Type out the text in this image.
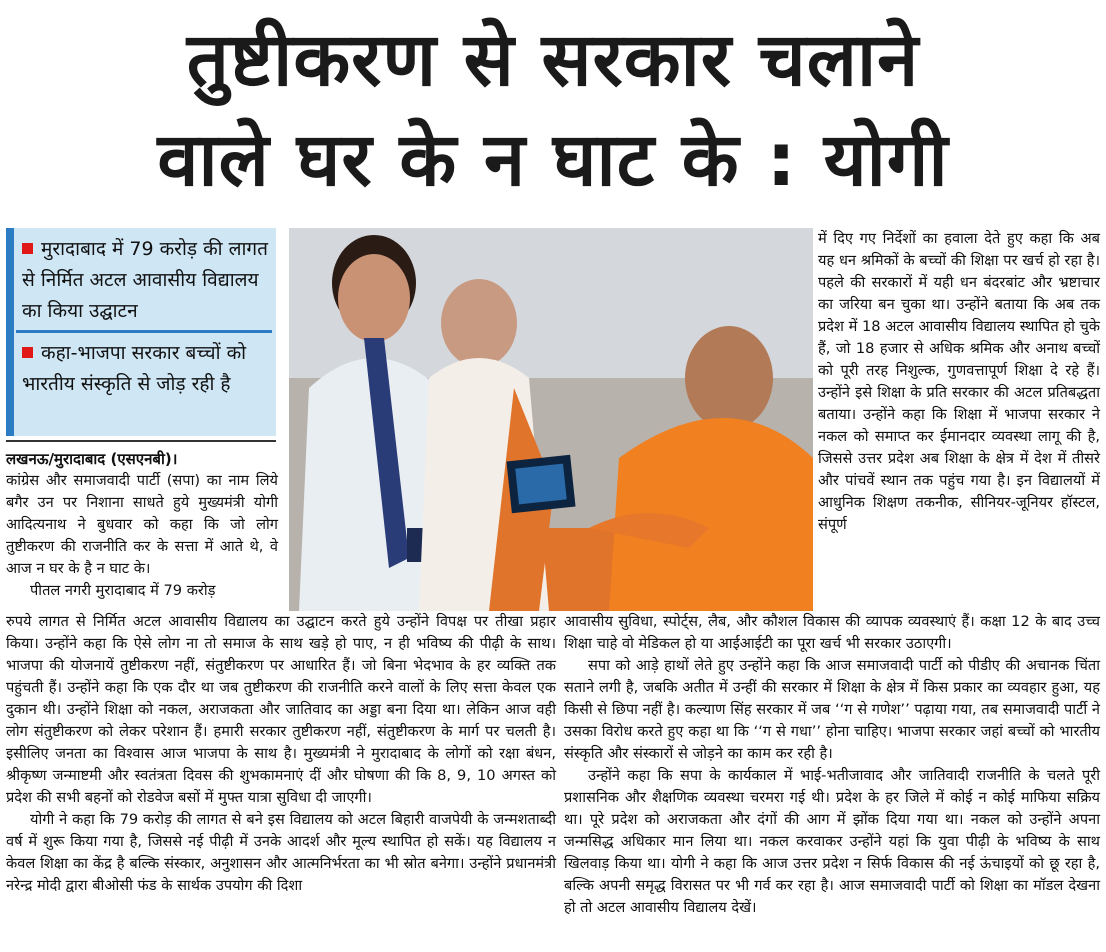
तुष्टीकरण से सरकार चलाने
वाले घर के न घाट के : योगी
मुरादाबाद में 79 करोड़ की लागत से निर्मित अटल आवासीय विद्यालय का किया उद्घाटन
कहा-भाजपा सरकार बच्चों को भारतीय संस्कृति से जोड़ रही है

लखनऊ/मुरादाबाद (एसएनबी)।

कांग्रेस और समाजवादी पार्टी (सपा) का नाम लिये बगैर उन पर निशाना साधते हुये मुख्यमंत्री योगी आदित्यनाथ ने बुधवार को कहा कि जो लोग तुष्टीकरण की राजनीति कर के सत्ता में आते थे, वे आज न घर के है न घाट के।

पीतल नगरी मुरादाबाद में 79 करोड़

में दिए गए निर्देशों का हवाला देते हुए कहा कि अब यह धन श्रमिकों के बच्चों की शिक्षा पर खर्च हो रहा है। पहले की सरकारों में यही धन बंदरबांट और भ्रष्टाचार का जरिया बन चुका था। उन्होंने बताया कि अब तक प्रदेश में 18 अटल आवासीय विद्यालय स्थापित हो चुके हैं, जो 18 हजार से अधिक श्रमिक और अनाथ बच्चों को पूरी तरह निशुल्क, गुणवत्तापूर्ण शिक्षा दे रहे हैं। उन्होंने इसे शिक्षा के प्रति सरकार की अटल प्रतिबद्धता बताया। उन्होंने कहा कि शिक्षा में भाजपा सरकार ने नकल को समाप्त कर ईमानदार व्यवस्था लागू की है, जिससे उत्तर प्रदेश अब शिक्षा के क्षेत्र में देश में तीसरे और पांचवें स्थान तक पहुंच गया है। इन विद्यालयों में आधुनिक शिक्षण तकनीक, सीनियर-जूनियर हॉस्टल, संपूर्ण

रुपये लागत से निर्मित अटल आवासीय विद्यालय का उद्घाटन करते हुये उन्होंने विपक्ष पर तीखा प्रहार किया। उन्होंने कहा कि ऐसे लोग ना तो समाज के साथ खड़े हो पाए, न ही भविष्य की पीढ़ी के साथ। भाजपा की योजनायें तुष्टीकरण नहीं, संतुष्टीकरण पर आधारित हैं। जो बिना भेदभाव के हर व्यक्ति तक पहुंचती हैं। उन्होंने कहा कि एक दौर था जब तुष्टीकरण की राजनीति करने वालों के लिए सत्ता केवल एक दुकान थी। उन्होंने शिक्षा को नकल, अराजकता और जातिवाद का अड्डा बना दिया था। लेकिन आज वही लोग संतुष्टीकरण को लेकर परेशान हैं। हमारी सरकार तुष्टीकरण नहीं, संतुष्टीकरण के मार्ग पर चलती है। इसीलिए जनता का विश्वास आज भाजपा के साथ है। मुख्यमंत्री ने मुरादाबाद के लोगों को रक्षा बंधन, श्रीकृष्ण जन्माष्टमी और स्वतंत्रता दिवस की शुभकामनाएं दीं और घोषणा की कि 8, 9, 10 अगस्त को प्रदेश की सभी बहनों को रोडवेज बसों में मुफ्त यात्रा सुविधा दी जाएगी।

योगी ने कहा कि 79 करोड़ की लागत से बने इस विद्यालय को अटल बिहारी वाजपेयी के जन्मशताब्दी वर्ष में शुरू किया गया है, जिससे नई पीढ़ी में उनके आदर्श और मूल्य स्थापित हो सकें। यह विद्यालय न केवल शिक्षा का केंद्र है बल्कि संस्कार, अनुशासन और आत्मनिर्भरता का भी स्रोत बनेगा। उन्होंने प्रधानमंत्री नरेन्द्र मोदी द्वारा बीओसी फंड के सार्थक उपयोग की दिशा

आवासीय सुविधा, स्पोर्ट्स, लैब, और कौशल विकास की व्यापक व्यवस्थाएं हैं। कक्षा 12 के बाद उच्च शिक्षा चाहे वो मेडिकल हो या आईआईटी का पूरा खर्च भी सरकार उठाएगी।

सपा को आड़े हाथों लेते हुए उन्होंने कहा कि आज समाजवादी पार्टी को पीडीए की अचानक चिंता सताने लगी है, जबकि अतीत में उन्हीं की सरकार में शिक्षा के क्षेत्र में किस प्रकार का व्यवहार हुआ, यह किसी से छिपा नहीं है। कल्याण सिंह सरकार में जब ‘‘ग से गणेश’’ पढ़ाया गया, तब समाजवादी पार्टी ने उसका विरोध करते हुए कहा था कि ‘‘ग से गधा’’ होना चाहिए। भाजपा सरकार जहां बच्चों को भारतीय संस्कृति और संस्कारों से जोड़ने का काम कर रही है।

उन्होंने कहा कि सपा के कार्यकाल में भाई-भतीजावाद और जातिवादी राजनीति के चलते पूरी प्रशासनिक और शैक्षणिक व्यवस्था चरमरा गई थी। प्रदेश के हर जिले में कोई न कोई माफिया सक्रिय था। पूरे प्रदेश को अराजकता और दंगों की आग में झोंक दिया गया था। नकल को उन्होंने अपना जन्मसिद्ध अधिकार मान लिया था। नकल करवाकर उन्होंने यहां कि युवा पीढ़ी के भविष्य के साथ खिलवाड़ किया था। योगी ने कहा कि आज उत्तर प्रदेश न सिर्फ विकास की नई ऊंचाइयों को छू रहा है, बल्कि अपनी समृद्ध विरासत पर भी गर्व कर रहा है। आज समाजवादी पार्टी को शिक्षा का मॉडल देखना हो तो अटल आवासीय विद्यालय देखें।
